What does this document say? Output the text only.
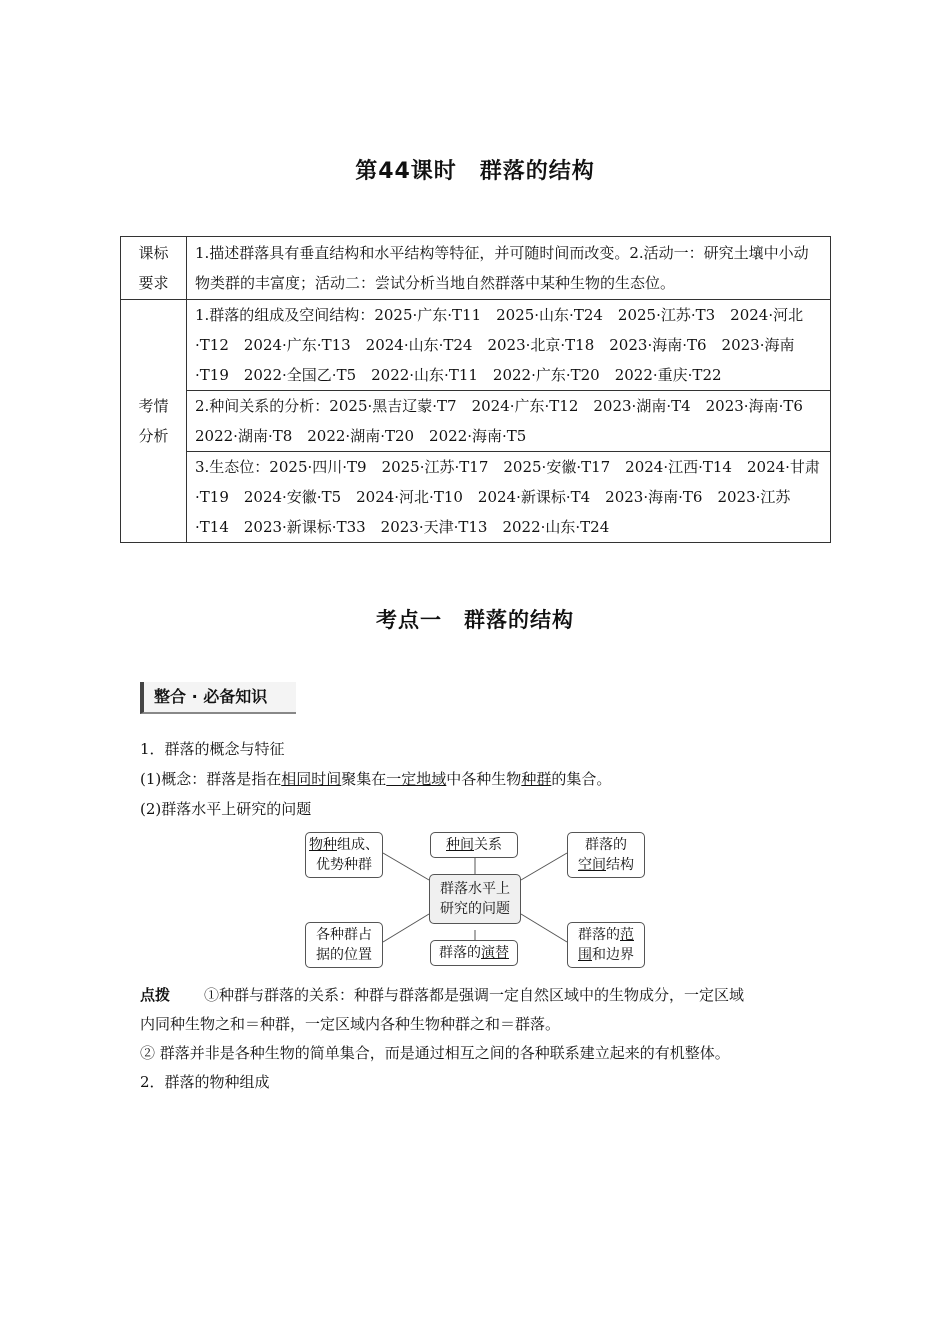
第44课时　群落的结构
课标
要求	1.描述群落具有垂直结构和水平结构等特征，并可随时间而改变。2.活动一：研究土壤中小动物类群的丰富度；活动二：尝试分析当地自然群落中某种生物的生态位。
考情
分析	1.群落的组成及空间结构：2025·广东·T11　2025·山东·T24　2025·江苏·T3　2024·河北·T12　2024·广东·T13　2024·山东·T24　2023·北京·T18　2023·海南·T6　2023·海南·T19　2022·全国乙·T5　2022·山东·T11　2022·广东·T20　2022·重庆·T22
	2.种间关系的分析：2025·黑吉辽蒙·T7　2024·广东·T12　2023·湖南·T4　2023·海南·T6　2022·湖南·T8　2022·湖南·T20　2022·海南·T5
	3.生态位：2025·四川·T9　2025·江苏·T17　2025·安徽·T17　2024·江西·T14　2024·甘肃·T19　2024·安徽·T5　2024·河北·T10　2024·新课标·T4　2023·海南·T6　2023·江苏·T14　2023·新课标·T33　2023·天津·T13　2022·山东·T24
考点一　群落的结构
整合 · 必备知识
1．群落的概念与特征
(1)概念：群落是指在相同时间聚集在一定地域中各种生物种群的集合。
(2)群落水平上研究的问题
物种组成、
优势种群
种间关系	群落的
空间结构
群落水平上
研究的问题
各种群占
据的位置	群落的演替
群落的范
围和边界
点拨 ①种群与群落的关系：种群与群落都是强调一定自然区域中的生物成分，一定区域
内同种生物之和＝种群，一定区域内各种生物种群之和＝群落。
② 群落并非是各种生物的简单集合，而是通过相互之间的各种联系建立起来的有机整体。
2．群落的物种组成
